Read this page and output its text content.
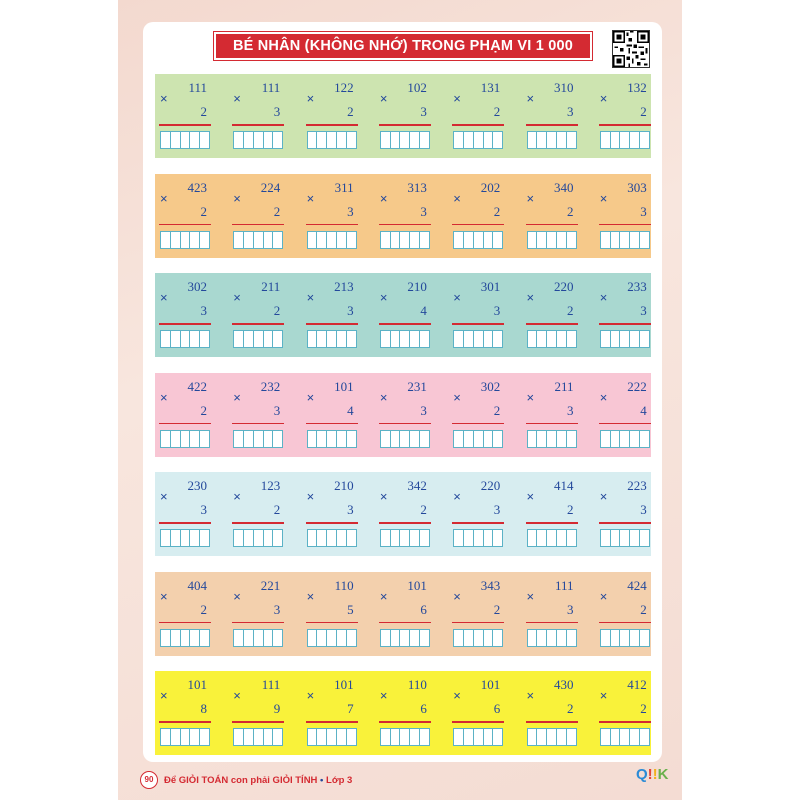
BÉ NHÂN (KHÔNG NHỚ) TRONG PHẠM VI 1 000
111
×
2
111
×
3
122
×
2
102
×
3
131
×
2
310
×
3
132
×
2
423
×
2
224
×
2
311
×
3
313
×
3
202
×
2
340
×
2
303
×
3
302
×
3
211
×
2
213
×
3
210
×
4
301
×
3
220
×
2
233
×
3
422
×
2
232
×
3
101
×
4
231
×
3
302
×
2
211
×
3
222
×
4
230
×
3
123
×
2
210
×
3
342
×
2
220
×
3
414
×
2
223
×
3
404
×
2
221
×
3
110
×
5
101
×
6
343
×
2
111
×
3
424
×
2
101
×
8
111
×
9
101
×
7
110
×
6
101
×
6
430
×
2
412
×
2
90	Để GIỎI TOÁN con phải GIỎI TÍNH • Lớp 3	Q!!K
